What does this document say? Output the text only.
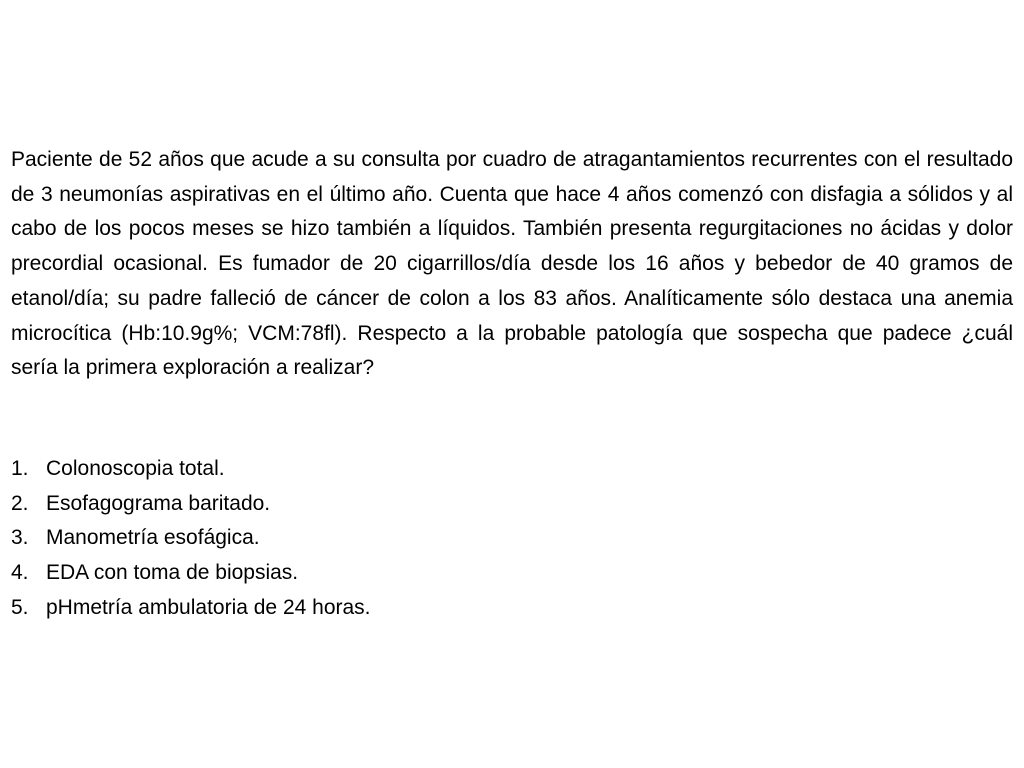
Paciente de 52 años que acude a su consulta por cuadro de atragantamientos recurrentes con el resultado de 3 neumonías aspirativas en el último año. Cuenta que hace 4 años comenzó con disfagia a sólidos y al cabo de los pocos meses se hizo también a líquidos. También presenta regurgitaciones no ácidas y dolor precordial ocasional. Es fumador de 20 cigarrillos/día desde los 16 años y bebedor de 40 gramos de etanol/día; su padre falleció de cáncer de colon a los 83 años. Analíticamente sólo destaca una anemia microcítica (Hb:10.9g%; VCM:78fl). Respecto a la probable patología que sospecha que padece ¿cuál sería la primera exploración a realizar?

1. Colonoscopia total.
2. Esofagograma baritado.
3. Manometría esofágica.
4. EDA con toma de biopsias.
5. pHmetría ambulatoria de 24 horas.
